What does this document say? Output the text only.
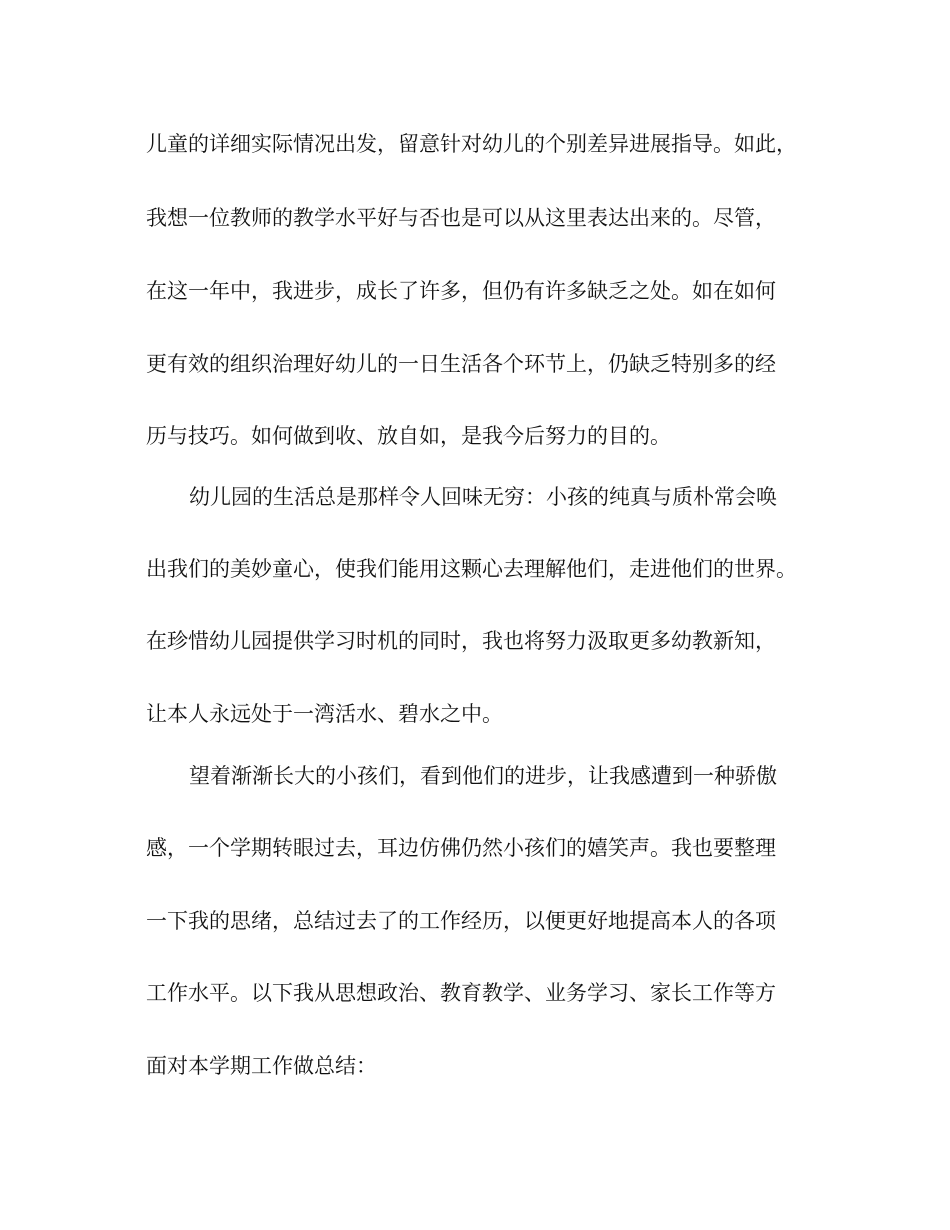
儿童的详细实际情况出发，留意针对幼儿的个别差异进展指导。如此，
我想一位教师的教学水平好与否也是可以从这里表达出来的。尽管，
在这一年中，我进步，成长了许多，但仍有许多缺乏之处。如在如何
更有效的组织治理好幼儿的一日生活各个环节上，仍缺乏特别多的经
历与技巧。如何做到收、放自如，是我今后努力的目的。
幼儿园的生活总是那样令人回味无穷：小孩的纯真与质朴常会唤
出我们的美妙童心，使我们能用这颗心去理解他们，走进他们的世界。
在珍惜幼儿园提供学习时机的同时，我也将努力汲取更多幼教新知，
让本人永远处于一湾活水、碧水之中。
望着渐渐长大的小孩们，看到他们的进步，让我感遭到一种骄傲
感，一个学期转眼过去，耳边仿佛仍然小孩们的嬉笑声。我也要整理
一下我的思绪，总结过去了的工作经历，以便更好地提高本人的各项
工作水平。以下我从思想政治、教育教学、业务学习、家长工作等方
面对本学期工作做总结：
